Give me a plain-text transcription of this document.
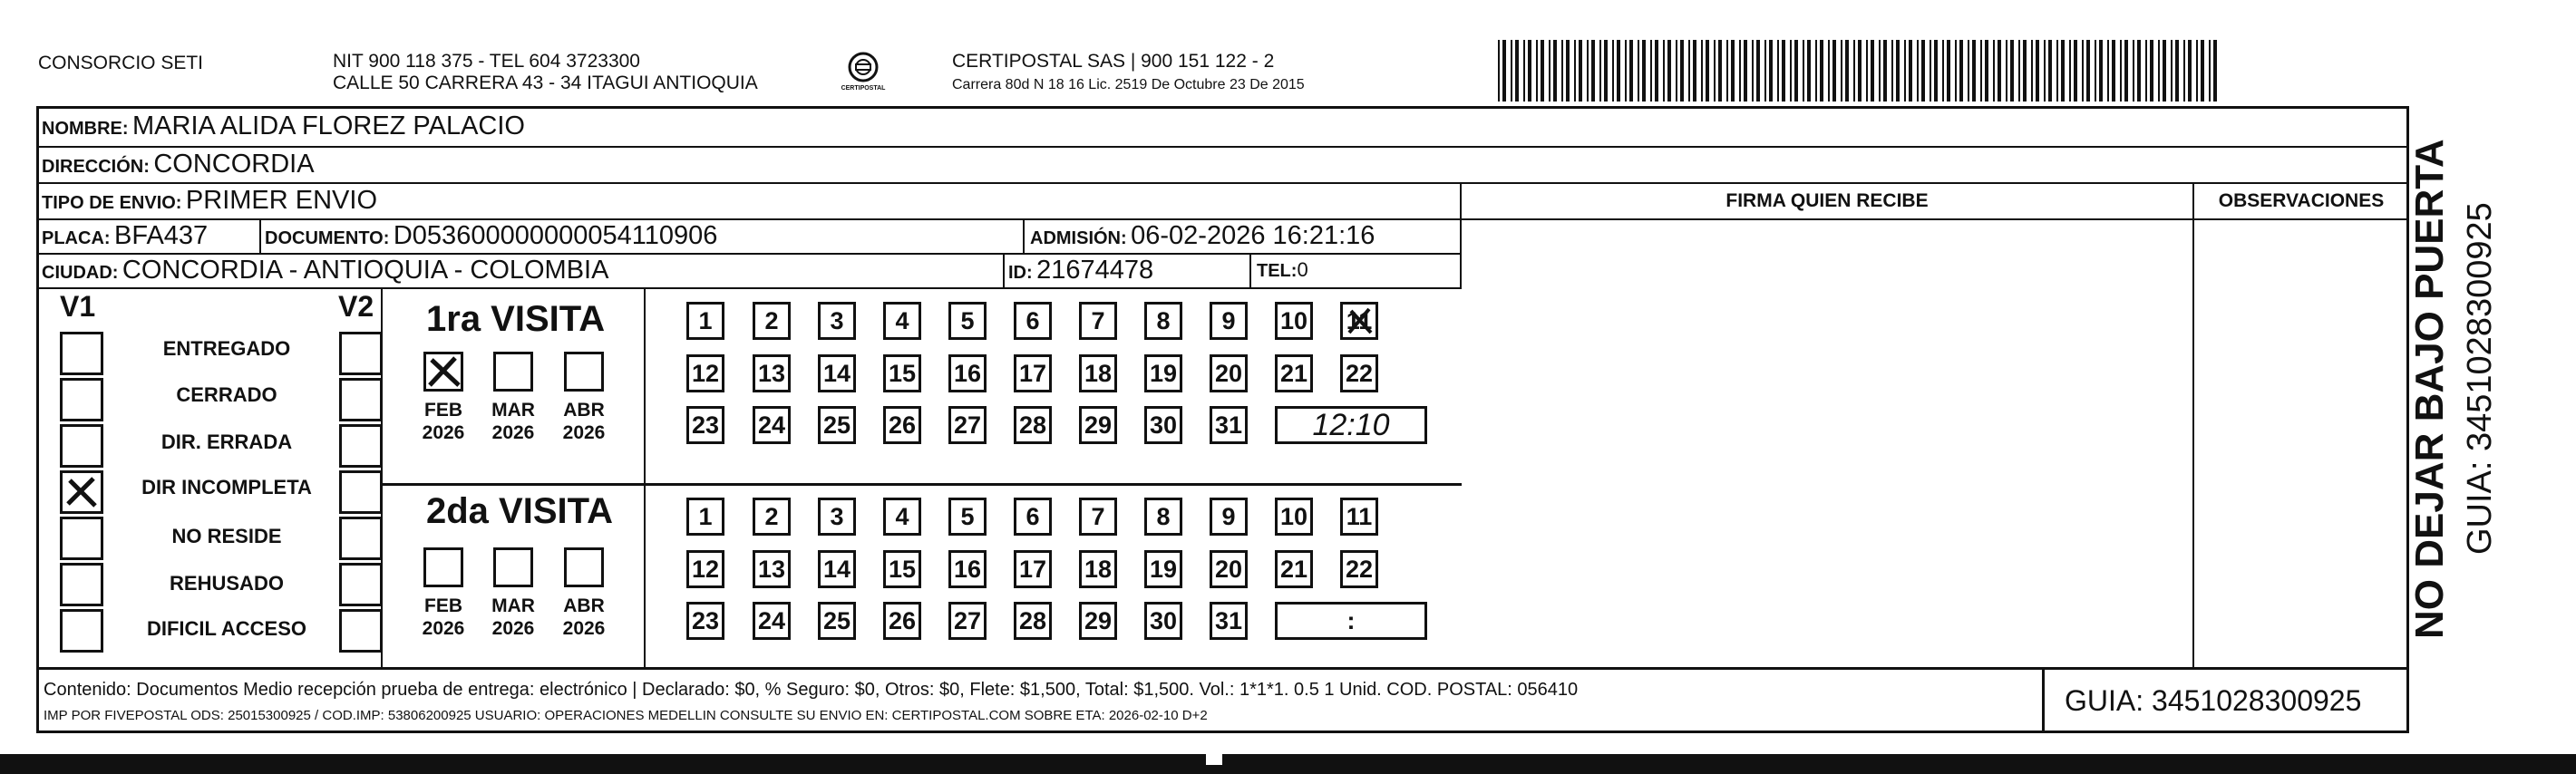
CONSORCIO SETI	NIT 900 118 375 - TEL 604 3723300
CALLE 50 CARRERA 43 - 34 ITAGUI ANTIOQUIA	CERTIPOSTAL
CERTIPOSTAL SAS | 900 151 122 - 2
Carrera 80d N 18 16 Lic. 2519 De Octubre 23 De 2015
NOMBRE: MARIA ALIDA FLOREZ PALACIO
DIRECCIÓN: CONCORDIA
TIPO DE ENVIO: PRIMER ENVIO	FIRMA QUIEN RECIBE	OBSERVACIONES
PLACA: BFA437	DOCUMENTO: D053600000000054110906	ADMISIÓN: 06-02-2026 16:21:16
CIUDAD: CONCORDIA - ANTIOQUIA - COLOMBIA	ID: 21674478	TEL:0
V1	V2
ENTREGADO
CERRADO
DIR. ERRADA
DIR INCOMPLETA
NO RESIDE
REHUSADO
DIFICIL ACCESO
1ra VISITA
2da VISITA
FEB
2026
MAR
2026
ABR
2026
1	2	3	4	5	6	7	8	9	10 11
12 13 14 15 16 17 18 19 20 21 22
23 24 25 26 27 28 29 30 31	12:10
FEB
2026
MAR
2026
ABR
2026
1	2	3	4	5	6	7	8	9	10 11
12 13 14 15 16 17 18 19 20 21 22
23 24 25 26 27 28 29 30 31	:
Contenido: Documentos Medio recepción prueba de entrega: electrónico | Declarado: $0, % Seguro: $0, Otros: $0, Flete: $1,500, Total: $1,500. Vol.: 1*1*1. 0.5 1 Unid. COD. POSTAL: 056410
IMP POR FIVEPOSTAL ODS: 25015300925 / COD.IMP: 53806200925 USUARIO: OPERACIONES MEDELLIN CONSULTE SU ENVIO EN: CERTIPOSTAL.COM SOBRE ETA: 2026-02-10 D+2	GUIA: 3451028300925
NO DEJAR BAJO PUERTA GUIA: 3451028300925
